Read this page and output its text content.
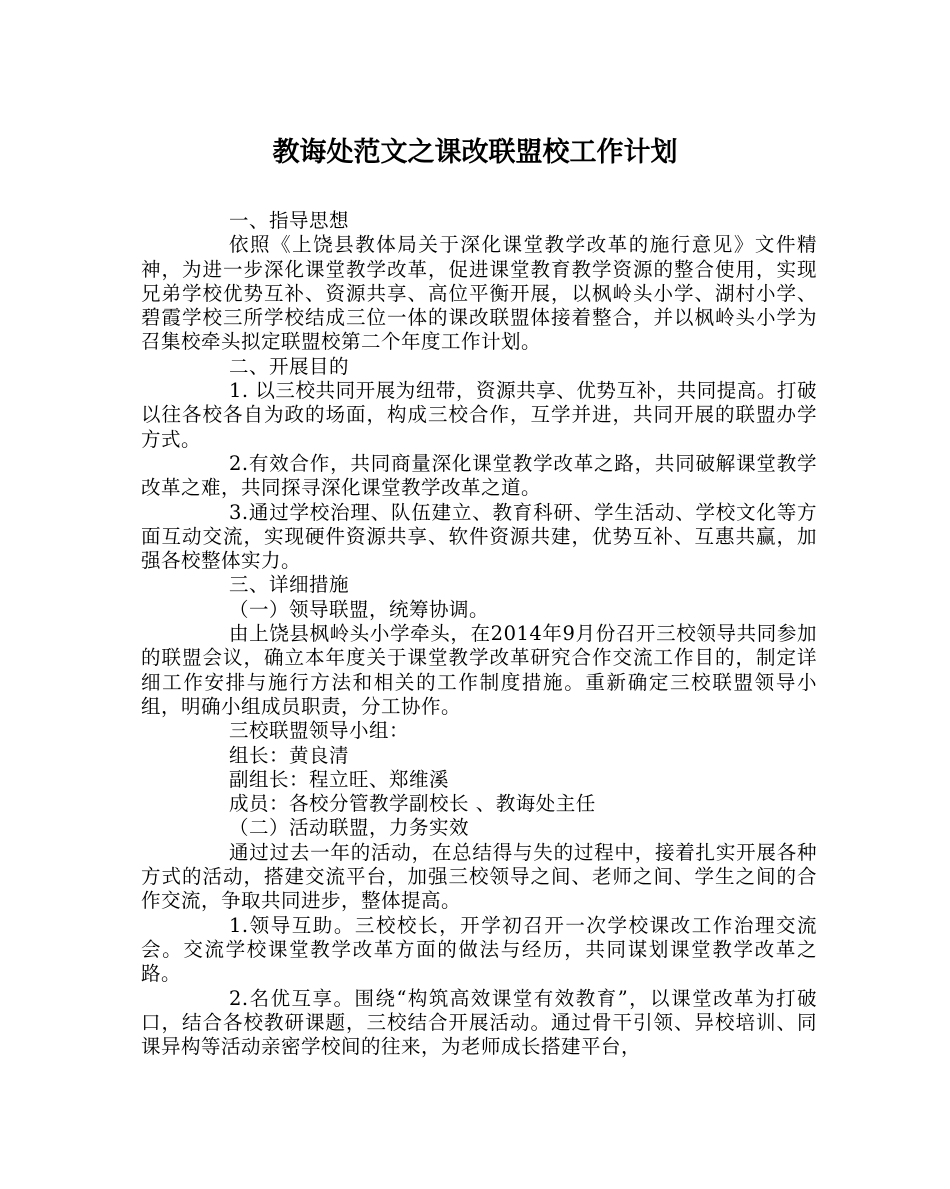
教诲处范文之课改联盟校工作计划

一、指导思想

依照《上饶县教体局关于深化课堂教学改革的施行意见》文件精神，为进一步深化课堂教学改革，促进课堂教育教学资源的整合使用，实现兄弟学校优势互补、资源共享、高位平衡开展，以枫岭头小学、湖村小学、碧霞学校三所学校结成三位一体的课改联盟体接着整合，并以枫岭头小学为召集校牵头拟定联盟校第二个年度工作计划。

二、开展目的

1. 以三校共同开展为纽带，资源共享、优势互补，共同提高。打破以往各校各自为政的场面，构成三校合作，互学并进，共同开展的联盟办学方式。

2.有效合作，共同商量深化课堂教学改革之路，共同破解课堂教学改革之难，共同探寻深化课堂教学改革之道。

3.通过学校治理、队伍建立、教育科研、学生活动、学校文化等方面互动交流，实现硬件资源共享、软件资源共建，优势互补、互惠共赢，加强各校整体实力。

三、详细措施

（一）领导联盟，统筹协调。

由上饶县枫岭头小学牵头，在2014年9月份召开三校领导共同参加的联盟会议，确立本年度关于课堂教学改革研究合作交流工作目的，制定详细工作安排与施行方法和相关的工作制度措施。重新确定三校联盟领导小组，明确小组成员职责，分工协作。

三校联盟领导小组：

组长：黄良清

副组长：程立旺、郑维溪

成员：各校分管教学副校长 、教诲处主任

（二）活动联盟，力务实效

通过过去一年的活动，在总结得与失的过程中，接着扎实开展各种方式的活动，搭建交流平台，加强三校领导之间、老师之间、学生之间的合作交流，争取共同进步，整体提高。

1.领导互助。三校校长，开学初召开一次学校课改工作治理交流会。交流学校课堂教学改革方面的做法与经历，共同谋划课堂教学改革之路。

2.名优互享。围绕“构筑高效课堂有效教育”，以课堂改革为打破口，结合各校教研课题，三校结合开展活动。通过骨干引领、异校培训、同课异构等活动亲密学校间的往来，为老师成长搭建平台，
